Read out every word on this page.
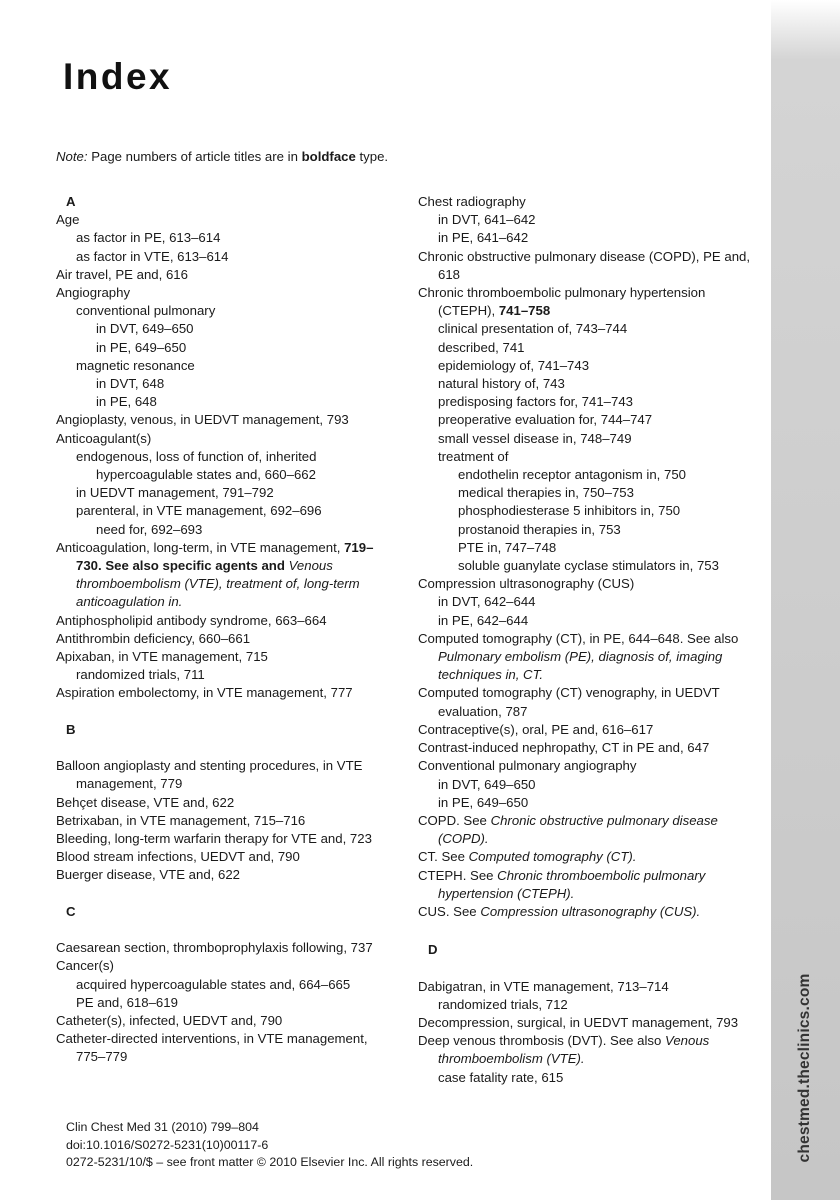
chestmed.theclinics.com
Index
Note: Page numbers of article titles are in boldface type.
A
Age
as factor in PE, 613–614
as factor in VTE, 613–614
Air travel, PE and, 616
Angiography
conventional pulmonary
in DVT, 649–650
in PE, 649–650
magnetic resonance
in DVT, 648
in PE, 648
Angioplasty, venous, in UEDVT management, 793
Anticoagulant(s)
endogenous, loss of function of, inherited hypercoagulable states and, 660–662
in UEDVT management, 791–792
parenteral, in VTE management, 692–696
need for, 692–693
Anticoagulation, long-term, in VTE management, 719–730. See also specific agents and Venous thromboembolism (VTE), treatment of, long-term anticoagulation in.
Antiphospholipid antibody syndrome, 663–664
Antithrombin deficiency, 660–661
Apixaban, in VTE management, 715
randomized trials, 711
Aspiration embolectomy, in VTE management, 777
B
Balloon angioplasty and stenting procedures, in VTE management, 779
Behçet disease, VTE and, 622
Betrixaban, in VTE management, 715–716
Bleeding, long-term warfarin therapy for VTE and, 723
Blood stream infections, UEDVT and, 790
Buerger disease, VTE and, 622
C
Caesarean section, thromboprophylaxis following, 737
Cancer(s)
acquired hypercoagulable states and, 664–665
PE and, 618–619
Catheter(s), infected, UEDVT and, 790
Catheter-directed interventions, in VTE management, 775–779
Chest radiography
in DVT, 641–642
in PE, 641–642
Chronic obstructive pulmonary disease (COPD), PE and, 618
Chronic thromboembolic pulmonary hypertension (CTEPH), 741–758
clinical presentation of, 743–744
described, 741
epidemiology of, 741–743
natural history of, 743
predisposing factors for, 741–743
preoperative evaluation for, 744–747
small vessel disease in, 748–749
treatment of
endothelin receptor antagonism in, 750
medical therapies in, 750–753
phosphodiesterase 5 inhibitors in, 750
prostanoid therapies in, 753
PTE in, 747–748
soluble guanylate cyclase stimulators in, 753
Compression ultrasonography (CUS)
in DVT, 642–644
in PE, 642–644
Computed tomography (CT), in PE, 644–648. See also Pulmonary embolism (PE), diagnosis of, imaging techniques in, CT.
Computed tomography (CT) venography, in UEDVT evaluation, 787
Contraceptive(s), oral, PE and, 616–617
Contrast-induced nephropathy, CT in PE and, 647
Conventional pulmonary angiography
in DVT, 649–650
in PE, 649–650
COPD. See Chronic obstructive pulmonary disease (COPD).
CT. See Computed tomography (CT).
CTEPH. See Chronic thromboembolic pulmonary hypertension (CTEPH).
CUS. See Compression ultrasonography (CUS).
D
Dabigatran, in VTE management, 713–714
randomized trials, 712
Decompression, surgical, in UEDVT management, 793
Deep venous thrombosis (DVT). See also Venous thromboembolism (VTE).
case fatality rate, 615
Clin Chest Med 31 (2010) 799–804
doi:10.1016/S0272-5231(10)00117-6
0272-5231/10/$ – see front matter © 2010 Elsevier Inc. All rights reserved.
